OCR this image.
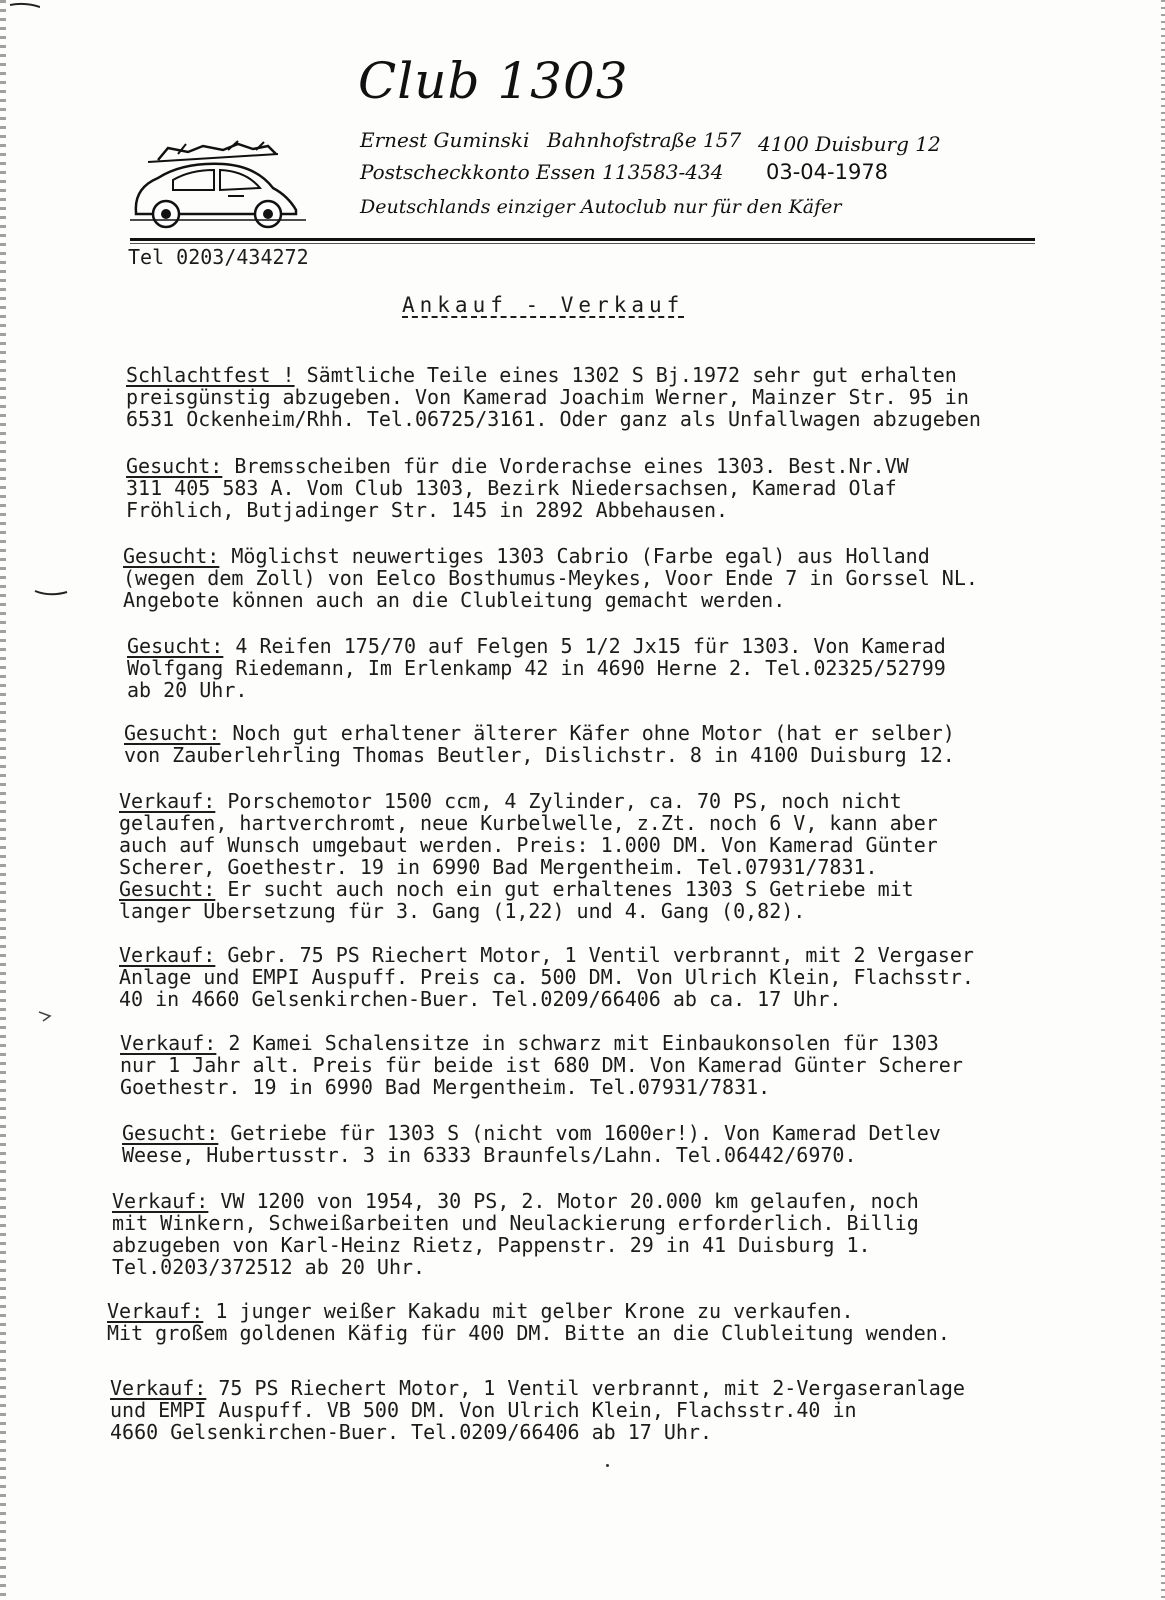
Club 1303
Ernest Guminski Bahnhofstraße 157 4100 Duisburg 12
Postscheckkonto Essen 113583-434 03-04-1978
Deutschlands einziger Autoclub nur für den Käfer
Tel 0203/434272
Ankauf - Verkauf
Schlachtfest ! Sämtliche Teile eines 1302 S Bj.1972 sehr gut erhalten
preisgünstig abzugeben. Von Kamerad Joachim Werner, Mainzer Str. 95 in
6531 Ockenheim/Rhh. Tel.06725/3161. Oder ganz als Unfallwagen abzugeben
Gesucht: Bremsscheiben für die Vorderachse eines 1303. Best.Nr.VW
311 405 583 A. Vom Club 1303, Bezirk Niedersachsen, Kamerad Olaf
Fröhlich, Butjadinger Str. 145 in 2892 Abbehausen.
Gesucht: Möglichst neuwertiges 1303 Cabrio (Farbe egal) aus Holland
(wegen dem Zoll) von Eelco Bosthumus-Meykes, Voor Ende 7 in Gorssel NL.
Angebote können auch an die Clubleitung gemacht werden.
Gesucht: 4 Reifen 175/70 auf Felgen 5 1/2 Jx15 für 1303. Von Kamerad
Wolfgang Riedemann, Im Erlenkamp 42 in 4690 Herne 2. Tel.02325/52799
ab 20 Uhr.
Gesucht: Noch gut erhaltener älterer Käfer ohne Motor (hat er selber)
von Zauberlehrling Thomas Beutler, Dislichstr. 8 in 4100 Duisburg 12.
Verkauf: Porschemotor 1500 ccm, 4 Zylinder, ca. 70 PS, noch nicht
gelaufen, hartverchromt, neue Kurbelwelle, z.Zt. noch 6 V, kann aber
auch auf Wunsch umgebaut werden. Preis: 1.000 DM. Von Kamerad Günter
Scherer, Goethestr. 19 in 6990 Bad Mergentheim. Tel.07931/7831.
Gesucht: Er sucht auch noch ein gut erhaltenes 1303 S Getriebe mit
langer Übersetzung für 3. Gang (1,22) und 4. Gang (0,82).
Verkauf: Gebr. 75 PS Riechert Motor, 1 Ventil verbrannt, mit 2 Vergaser
Anlage und EMPI Auspuff. Preis ca. 500 DM. Von Ulrich Klein, Flachsstr.
40 in 4660 Gelsenkirchen-Buer. Tel.0209/66406 ab ca. 17 Uhr.
Verkauf: 2 Kamei Schalensitze in schwarz mit Einbaukonsolen für 1303
nur 1 Jahr alt. Preis für beide ist 680 DM. Von Kamerad Günter Scherer
Goethestr. 19 in 6990 Bad Mergentheim. Tel.07931/7831.
Gesucht: Getriebe für 1303 S (nicht vom 1600er!). Von Kamerad Detlev
Weese, Hubertusstr. 3 in 6333 Braunfels/Lahn. Tel.06442/6970.
Verkauf: VW 1200 von 1954, 30 PS, 2. Motor 20.000 km gelaufen, noch
mit Winkern, Schweißarbeiten und Neulackierung erforderlich. Billig
abzugeben von Karl-Heinz Rietz, Pappenstr. 29 in 41 Duisburg 1.
Tel.0203/372512 ab 20 Uhr.
Verkauf: 1 junger weißer Kakadu mit gelber Krone zu verkaufen.
Mit großem goldenen Käfig für 400 DM. Bitte an die Clubleitung wenden.
Verkauf: 75 PS Riechert Motor, 1 Ventil verbrannt, mit 2-Vergaseranlage
und EMPI Auspuff. VB 500 DM. Von Ulrich Klein, Flachsstr.40 in
4660 Gelsenkirchen-Buer. Tel.0209/66406 ab 17 Uhr.
